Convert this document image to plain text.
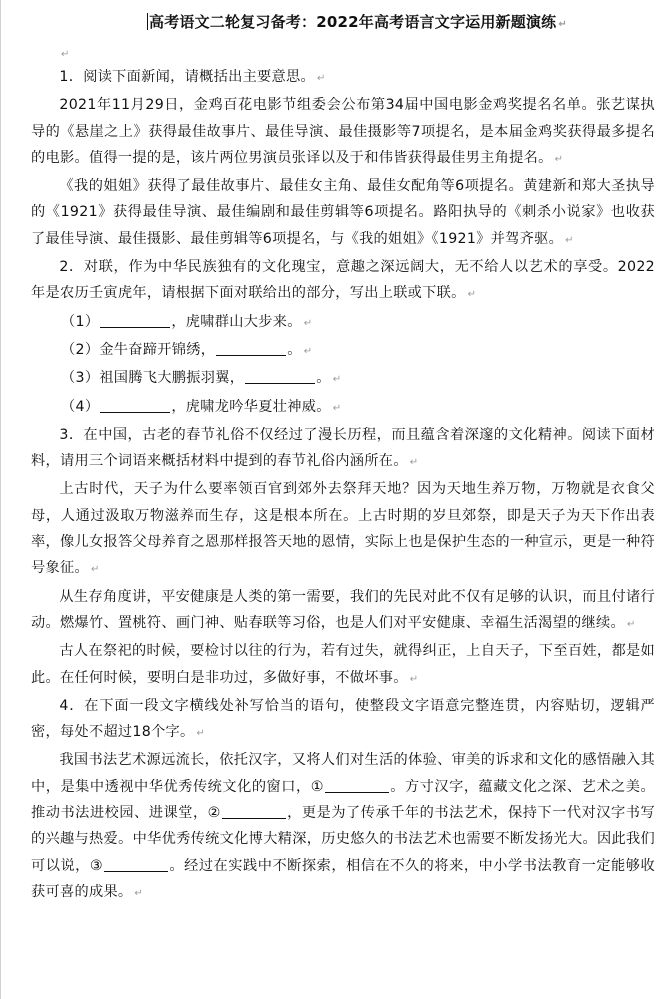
高考语文二轮复习备考：2022年高考语言文字运用新题演练 ↵
↵

1．阅读下面新闻，请概括出主要意思。 ↵

2021年11月29日，金鸡百花电影节组委会公布第34届中国电影金鸡奖提名名单。张艺谋执导的《悬崖之上》获得最佳故事片、最佳导演、最佳摄影等7项提名，是本届金鸡奖获得最多提名的电影。值得一提的是，该片两位男演员张译以及于和伟皆获得最佳男主角提名。 ↵

《我的姐姐》获得了最佳故事片、最佳女主角、最佳女配角等6项提名。黄建新和郑大圣执导的《1921》获得最佳导演、最佳编剧和最佳剪辑等6项提名。路阳执导的《刺杀小说家》也收获了最佳导演、最佳摄影、最佳剪辑等6项提名，与《我的姐姐》《1921》并驾齐驱。 ↵

2．对联，作为中华民族独有的文化瑰宝，意趣之深远阔大，无不给人以艺术的享受。2022年是农历壬寅虎年，请根据下面对联给出的部分，写出上联或下联。 ↵

（1）	，虎啸群山大步来。 ↵

（2）金牛奋蹄开锦绣，	。 ↵

（3）祖国腾飞大鹏振羽翼，	。 ↵

（4）	，虎啸龙吟华夏壮神威。 ↵

3．在中国，古老的春节礼俗不仅经过了漫长历程，而且蕴含着深邃的文化精神。阅读下面材料，请用三个词语来概括材料中提到的春节礼俗内涵所在。 ↵

上古时代，天子为什么要率领百官到郊外去祭拜天地？因为天地生养万物，万物就是衣食父母，人通过汲取万物滋养而生存，这是根本所在。上古时期的岁旦郊祭，即是天子为天下作出表率，像儿女报答父母养育之恩那样报答天地的恩情，实际上也是保护生态的一种宣示，更是一种符号象征。 ↵

从生存角度讲，平安健康是人类的第一需要，我们的先民对此不仅有足够的认识，而且付诸行动。燃爆竹、置桃符、画门神、贴春联等习俗，也是人们对平安健康、幸福生活渴望的继续。 ↵

古人在祭祀的时候，要检讨以往的行为，若有过失，就得纠正，上自天子，下至百姓，都是如此。在任何时候，要明白是非功过，多做好事，不做坏事。 ↵

4．在下面一段文字横线处补写恰当的语句，使整段文字语意完整连贯，内容贴切，逻辑严密，每处不超过18个字。 ↵

我国书法艺术源远流长，依托汉字，又将人们对生活的体验、审美的诉求和文化的感悟融入其中，是集中透视中华优秀传统文化的窗口，①	。方寸汉字，蕴藏文化之深、艺术之美。推动书法进校园、进课堂，②	，更是为了传承千年的书法艺术，保持下一代对汉字书写的兴趣与热爱。中华优秀传统文化博大精深，历史悠久的书法艺术也需要不断发扬光大。因此我们可以说，③	。经过在实践中不断探索，相信在不久的将来，中小学书法教育一定能够收获可喜的成果。 ↵
